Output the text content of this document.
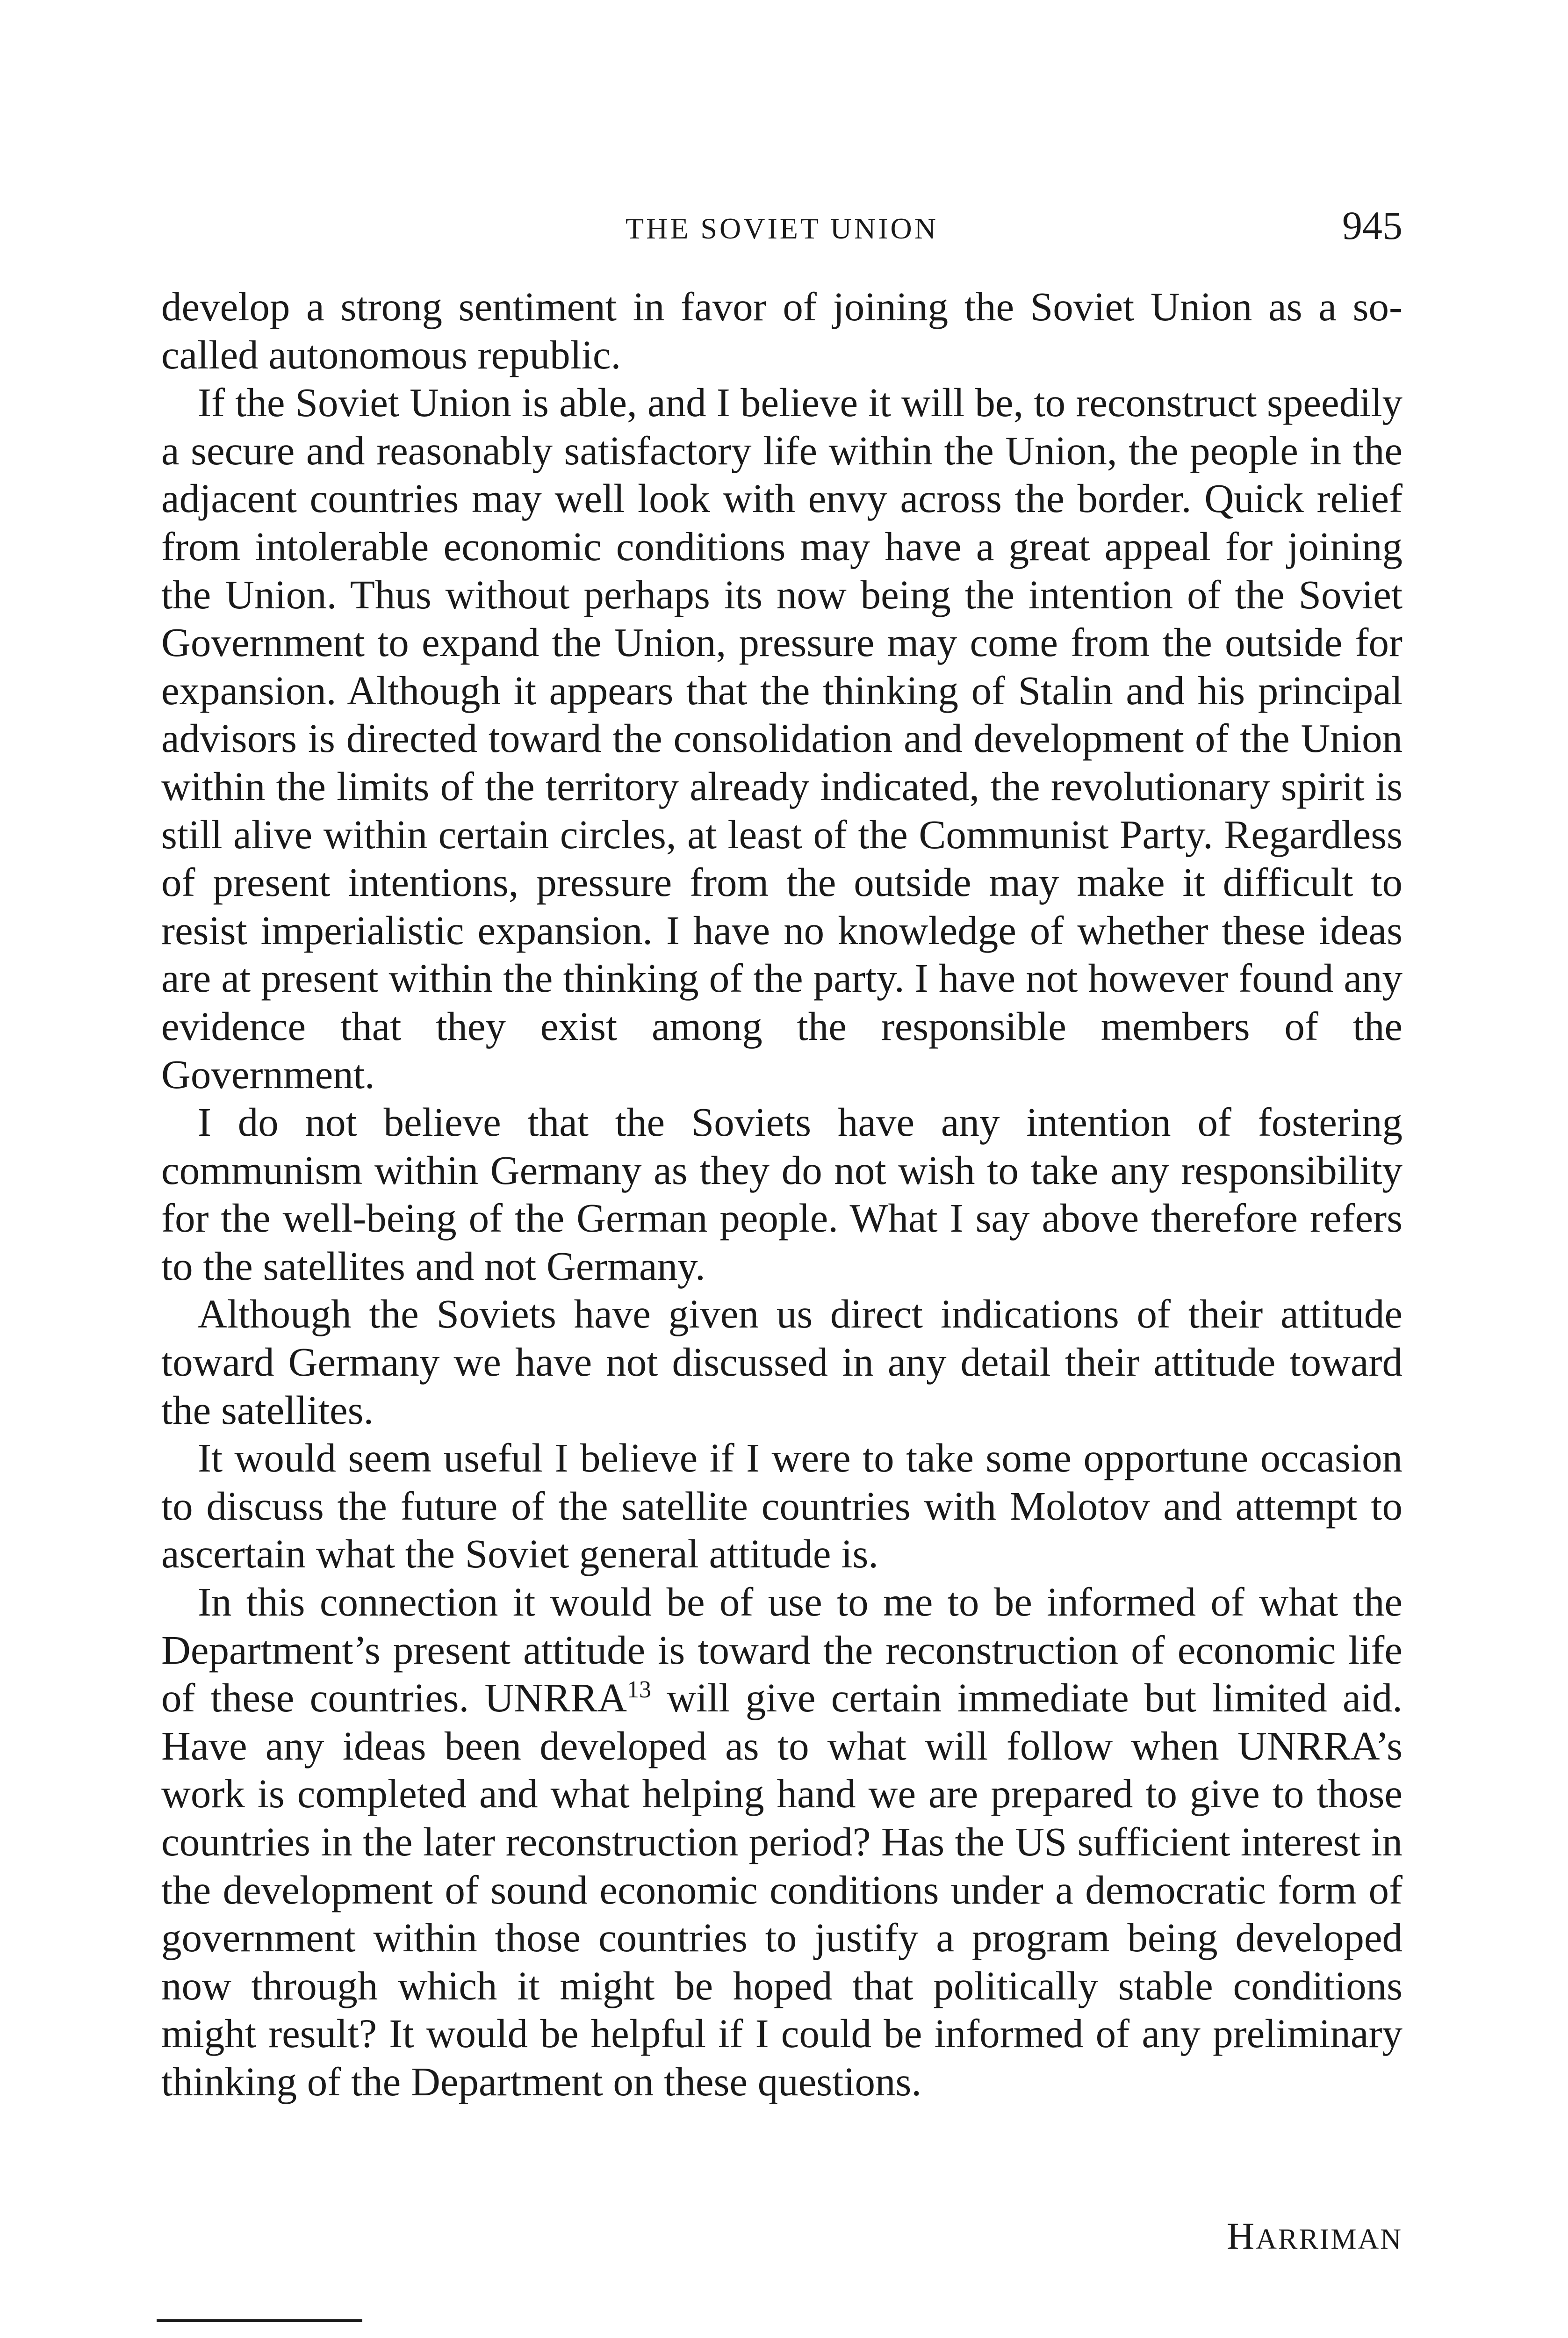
THE SOVIET UNION	945

develop a strong sentiment in favor of joining the Soviet Union as a so-called autonomous republic.

If the Soviet Union is able, and I believe it will be, to reconstruct speedily a secure and reasonably satisfactory life within the Union, the people in the adjacent countries may well look with envy across the border. Quick relief from intolerable economic conditions may have a great appeal for joining the Union. Thus without perhaps its now being the intention of the Soviet Government to expand the Union, pressure may come from the outside for expansion. Although it appears that the thinking of Stalin and his principal advisors is directed toward the consolidation and development of the Union within the limits of the territory already indicated, the revolutionary spirit is still alive within certain circles, at least of the Communist Party. Regardless of present intentions, pressure from the outside may make it difficult to resist imperialistic expansion. I have no knowledge of whether these ideas are at present within the thinking of the party. I have not however found any evidence that they exist among the responsible members of the Government.

I do not believe that the Soviets have any intention of fostering communism within Germany as they do not wish to take any responsibility for the well-being of the German people. What I say above therefore refers to the satellites and not Germany.

Although the Soviets have given us direct indications of their attitude toward Germany we have not discussed in any detail their attitude toward the satellites.

It would seem useful I believe if I were to take some opportune occasion to discuss the future of the satellite countries with Molotov and attempt to ascertain what the Soviet general attitude is.

In this connection it would be of use to me to be informed of what the Department’s present attitude is toward the reconstruction of economic life of these countries. UNRRA$^{13}$ will give certain immediate but limited aid. Have any ideas been developed as to what will follow when UNRRA’s work is completed and what helping hand we are prepared to give to those countries in the later reconstruction period? Has the US sufficient interest in the development of sound economic conditions under a democratic form of government within those countries to justify a program being developed now through which it might be hoped that politically stable conditions might result? It would be helpful if I could be informed of any preliminary thinking of the Department on these questions.

HARRIMAN
